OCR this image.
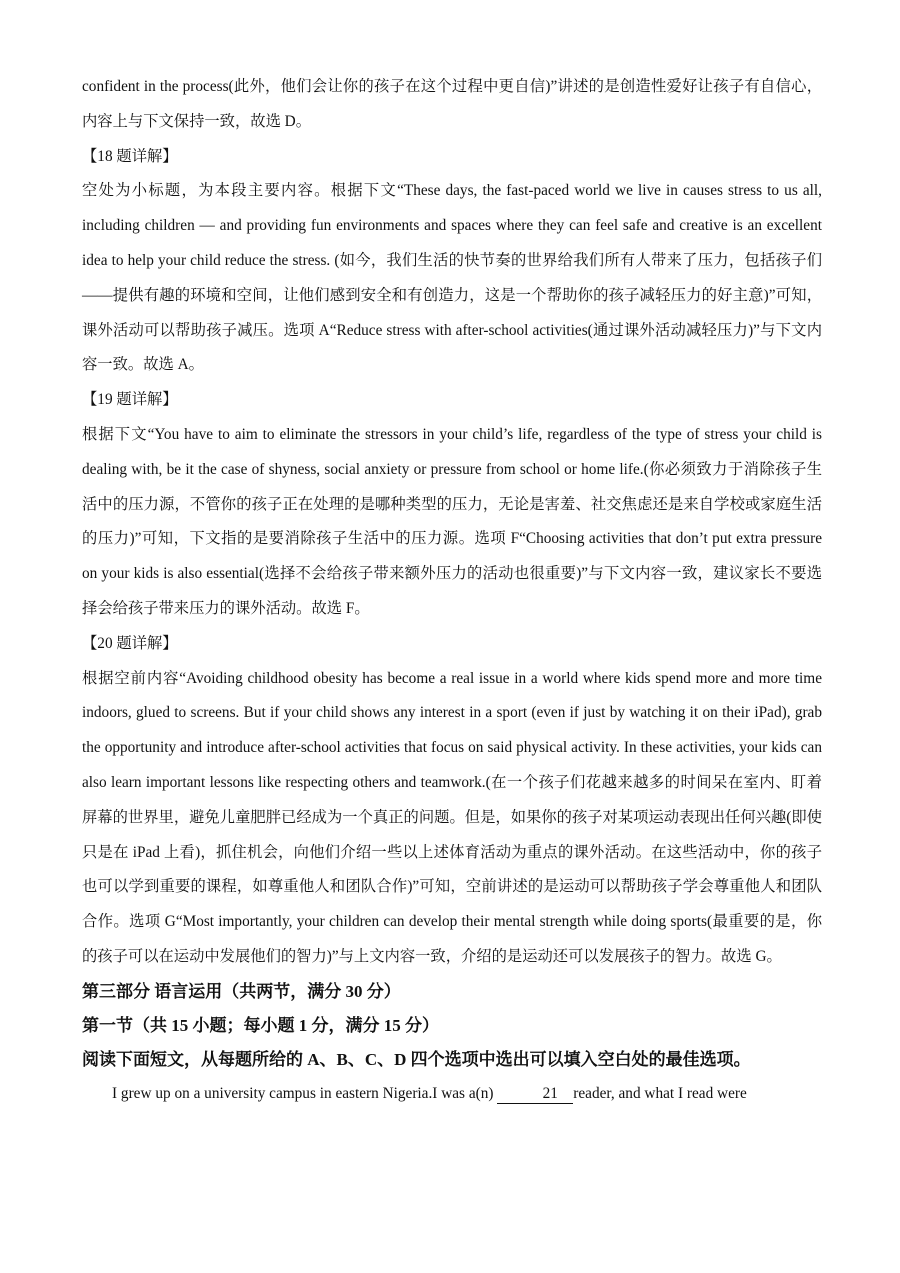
confident in the process(此外，他们会让你的孩子在这个过程中更自信)”讲述的是创造性爱好让孩子有自信心，内容上与下文保持一致，故选 D。

【18 题详解】

空处为小标题，为本段主要内容。根据下文“These days, the fast-paced world we live in causes stress to us all, including children — and providing fun environments and spaces where they can feel safe and creative is an excellent idea to help your child reduce the stress. (如今，我们生活的快节奏的世界给我们所有人带来了压力，包括孩子们——提供有趣的环境和空间，让他们感到安全和有创造力，这是一个帮助你的孩子减轻压力的好主意)”可知，课外活动可以帮助孩子减压。选项 A“Reduce stress with after-school activities(通过课外活动减轻压力)”与下文内容一致。故选 A。

【19 题详解】

根据下文“You have to aim to eliminate the stressors in your child’s life, regardless of the type of stress your child is dealing with, be it the case of shyness, social anxiety or pressure from school or home life.(你必须致力于消除孩子生活中的压力源，不管你的孩子正在处理的是哪种类型的压力，无论是害羞、社交焦虑还是来自学校或家庭生活的压力)”可知，下文指的是要消除孩子生活中的压力源。选项 F“Choosing activities that don’t put extra pressure on your kids is also essential(选择不会给孩子带来额外压力的活动也很重要)”与下文内容一致，建议家长不要选择会给孩子带来压力的课外活动。故选 F。

【20 题详解】

根据空前内容“Avoiding childhood obesity has become a real issue in a world where kids spend more and more time indoors, glued to screens. But if your child shows any interest in a sport (even if just by watching it on their iPad), grab the opportunity and introduce after-school activities that focus on said physical activity. In these activities, your kids can also learn important lessons like respecting others and teamwork.(在一个孩子们花越来越多的时间呆在室内、盯着屏幕的世界里，避免儿童肥胖已经成为一个真正的问题。但是，如果你的孩子对某项运动表现出任何兴趣(即使只是在 iPad 上看)，抓住机会，向他们介绍一些以上述体育活动为重点的课外活动。在这些活动中，你的孩子也可以学到重要的课程，如尊重他人和团队合作)”可知，空前讲述的是运动可以帮助孩子学会尊重他人和团队合作。选项 G“Most importantly, your children can develop their mental strength while doing sports(最重要的是，你的孩子可以在运动中发展他们的智力)”与上文内容一致，介绍的是运动还可以发展孩子的智力。故选 G。

第三部分 语言运用（共两节，满分 30 分）

第一节（共 15 小题；每小题 1 分，满分 15 分）

阅读下面短文，从每题所给的 A、B、C、D 四个选项中选出可以填入空白处的最佳选项。

I grew up on a university campus in eastern Nigeria.I was a(n)	21 reader, and what I read were
